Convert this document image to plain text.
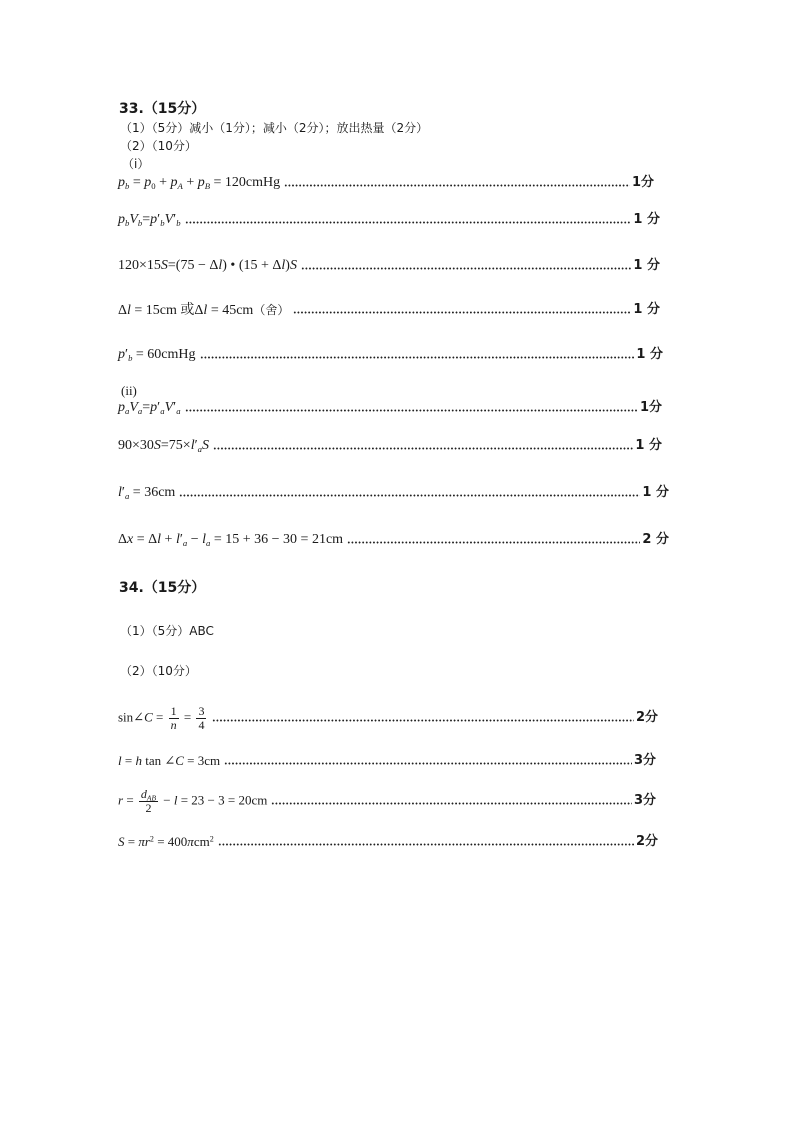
33.（15分）
（1）（5分）减小（1分）；减小（2分）；放出热量（2分）
（2）（10分）
（i）
$p_b = p_0 + p_A + p_B$ = 120cmHg	1分
$p_bV_b=p'_bV'_b$	1 分
120×15S=(75 − Δl) • (15 + Δl)S	1 分
Δl = 15cm 或Δl = 45cm（舍）	1 分
$p'_b$ = 60cmHg	1 分
(ii)
$p_aV_a=p'_aV'_a$	1分
$90\times 30S=75\times l'_aS$	1 分
$l'_a = 36cm$	1 分
$\Delta x = \Delta l + l'_a - l_a = 15 + 36 - 30 = 21cm$	2 分
34.（15分）
（1）（5分）ABC
（2）（10分）
sin∠C = $\frac{1}{n} = \frac{3}{4}$	2分
l = h tan ∠C = 3cm	3分
$r = \frac{d_{AB}}{2} - l = 23 - 3 = 20cm$	3分
$S = \pi r^2 = 400\pi cm^2$	2分
